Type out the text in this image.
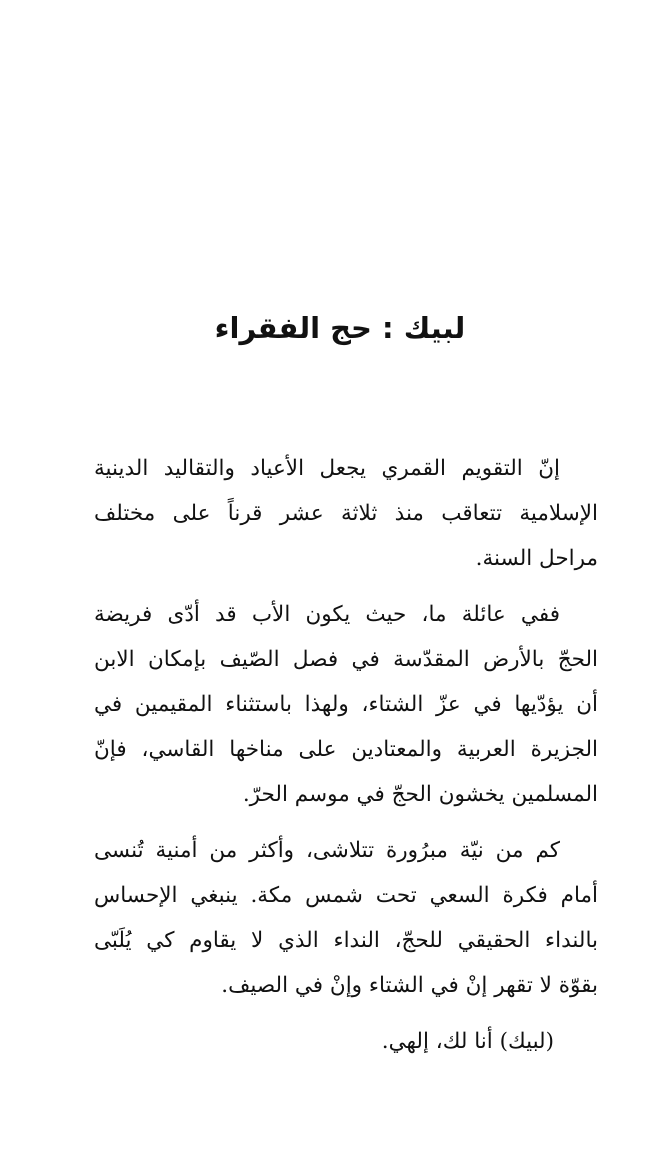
لبيك : حج الفقراء

إنّ التقويم القمري يجعل الأعياد والتقاليد الدينية
الإسلامية تتعاقب منذ ثلاثة عشر قرناً على مختلف
مراحل السنة.

ففي عائلة ما، حيث يكون الأب قد أدّى فريضة
الحجّ بالأرض المقدّسة في فصل الصّيف بإمكان الابن
أن يؤدّيها في عزّ الشتاء، ولهذا باستثناء المقيمين في
الجزيرة العربية والمعتادين على مناخها القاسي، فإنّ
المسلمين يخشون الحجّ في موسم الحرّ.

كم من نيّة مبرُورة تتلاشى، وأكثر من أمنية تُنسى
أمام فكرة السعي تحت شمس مكة. ينبغي الإحساس
بالنداء الحقيقي للحجّ، النداء الذي لا يقاوم كي يُلَبّى
بقوّة لا تقهر إنْ في الشتاء وإنْ في الصيف.

(لبيك) أنا لك، إلهي.
